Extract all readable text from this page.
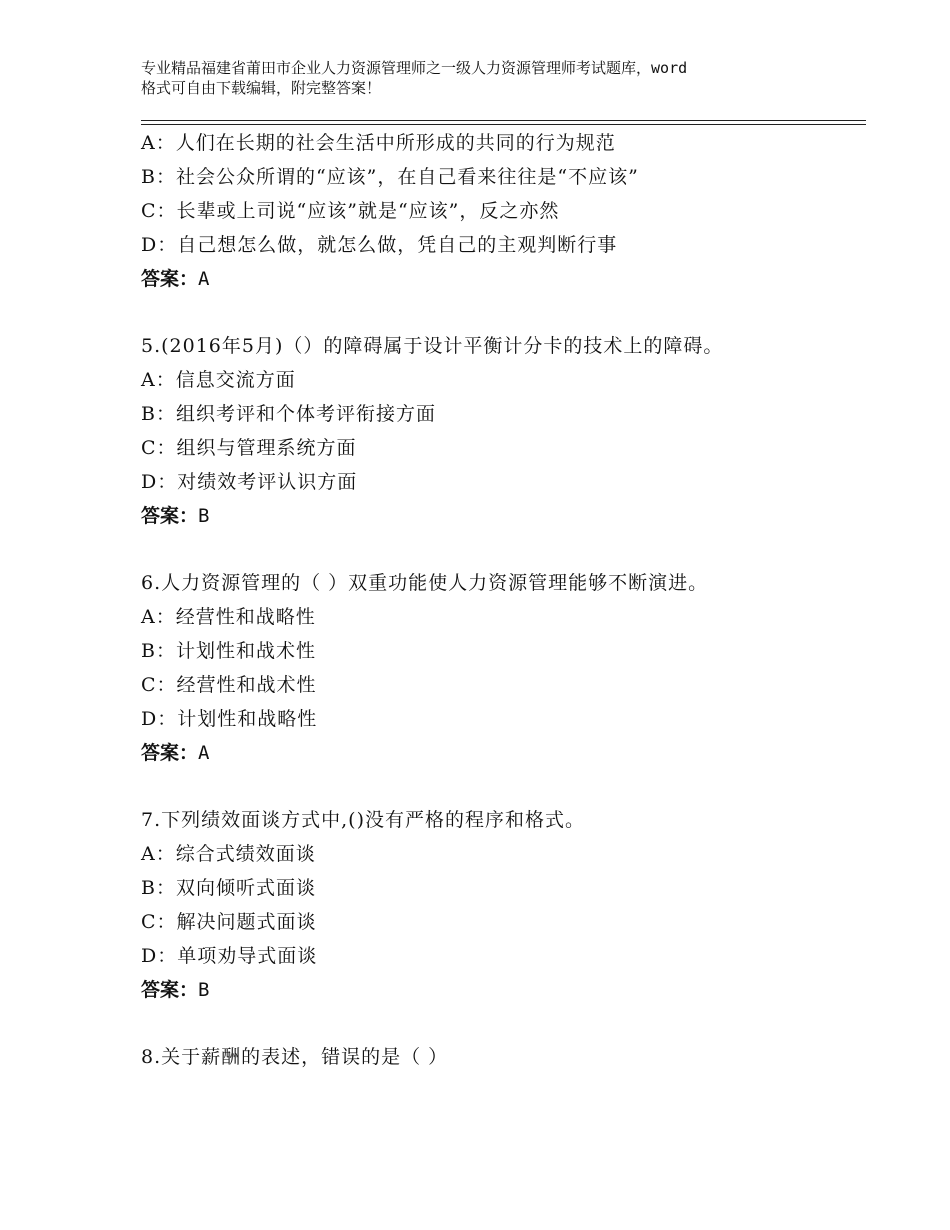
专业精品福建省莆田市企业人力资源管理师之一级人力资源管理师考试题库，word
格式可自由下载编辑，附完整答案！
A：人们在长期的社会生活中所形成的共同的行为规范
B：社会公众所谓的“应该”，在自己看来往往是“不应该”
C：长辈或上司说“应该”就是“应该”，反之亦然
D：自己想怎么做，就怎么做，凭自己的主观判断行事
答案：A
5.(2016年5月)（）的障碍属于设计平衡计分卡的技术上的障碍。
A：信息交流方面
B：组织考评和个体考评衔接方面
C：组织与管理系统方面
D：对绩效考评认识方面
答案：B
6.人力资源管理的（ ）双重功能使人力资源管理能够不断演进。
A：经营性和战略性
B：计划性和战术性
C：经营性和战术性
D：计划性和战略性
答案：A
7.下列绩效面谈方式中,()没有严格的程序和格式。
A：综合式绩效面谈
B：双向倾听式面谈
C：解决问题式面谈
D：单项劝导式面谈
答案：B
8.关于薪酬的表述，错误的是（ ）
